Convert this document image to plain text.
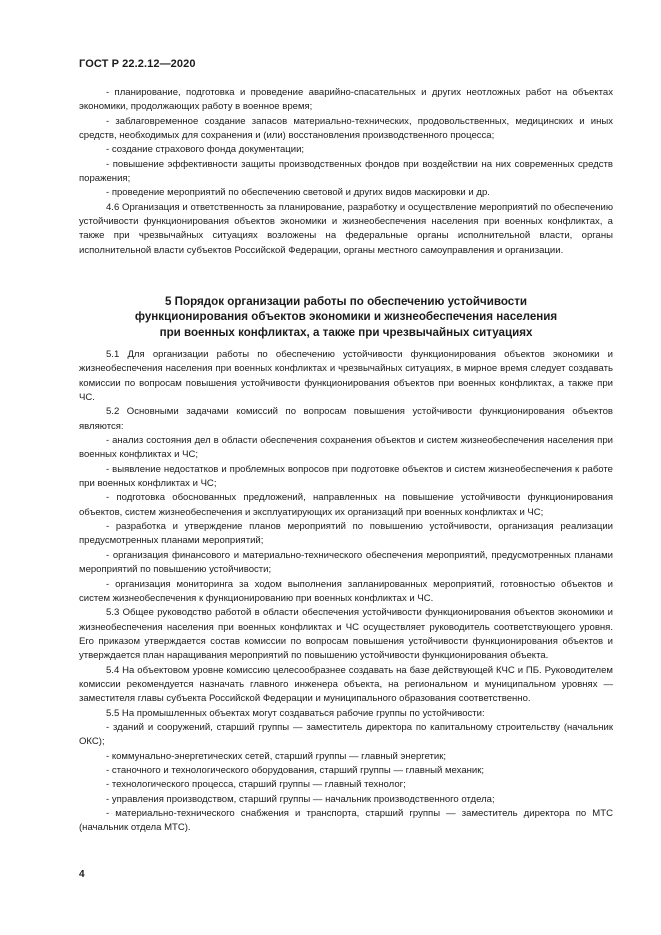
ГОСТ Р 22.2.12—2020

- планирование, подготовка и проведение аварийно-спасательных и других неотложных работ на объектах экономики, продолжающих работу в военное время;

- заблаговременное создание запасов материально-технических, продовольственных, медицинских и иных средств, необходимых для сохранения и (или) восстановления производственного процесса;

- создание страхового фонда документации;

- повышение эффективности защиты производственных фондов при воздействии на них современных средств поражения;

- проведение мероприятий по обеспечению световой и других видов маскировки и др.

4.6 Организация и ответственность за планирование, разработку и осуществление мероприятий по обеспечению устойчивости функционирования объектов экономики и жизнеобеспечения населения при военных конфликтах, а также при чрезвычайных ситуациях возложены на федеральные органы исполнительной власти, органы исполнительной власти субъектов Российской Федерации, органы местного самоуправления и организации.

5 Порядок организации работы по обеспечению устойчивости
функционирования объектов экономики и жизнеобеспечения населения
при военных конфликтах, а также при чрезвычайных ситуациях

5.1 Для организации работы по обеспечению устойчивости функционирования объектов экономики и жизнеобеспечения населения при военных конфликтах и чрезвычайных ситуациях, в мирное время следует создавать комиссии по вопросам повышения устойчивости функционирования объектов при военных конфликтах, а также при ЧС.

5.2 Основными задачами комиссий по вопросам повышения устойчивости функционирования объектов являются:

- анализ состояния дел в области обеспечения сохранения объектов и систем жизнеобеспечения населения при военных конфликтах и ЧС;

- выявление недостатков и проблемных вопросов при подготовке объектов и систем жизнеобеспечения к работе при военных конфликтах и ЧС;

- подготовка обоснованных предложений, направленных на повышение устойчивости функционирования объектов, систем жизнеобеспечения и эксплуатирующих их организаций при военных конфликтах и ЧС;

- разработка и утверждение планов мероприятий по повышению устойчивости, организация реализации предусмотренных планами мероприятий;

- организация финансового и материально-технического обеспечения мероприятий, предусмотренных планами мероприятий по повышению устойчивости;

- организация мониторинга за ходом выполнения запланированных мероприятий, готовностью объектов и систем жизнеобеспечения к функционированию при военных конфликтах и ЧС.

5.3 Общее руководство работой в области обеспечения устойчивости функционирования объектов экономики и жизнеобеспечения населения при военных конфликтах и ЧС осуществляет руководитель соответствующего уровня. Его приказом утверждается состав комиссии по вопросам повышения устойчивости функционирования объектов и утверждается план наращивания мероприятий по повышению устойчивости функционирования объекта.

5.4 На объектовом уровне комиссию целесообразнее создавать на базе действующей КЧС и ПБ. Руководителем комиссии рекомендуется назначать главного инженера объекта, на региональном и муниципальном уровнях — заместителя главы субъекта Российской Федерации и муниципального образования соответственно.

5.5 На промышленных объектах могут создаваться рабочие группы по устойчивости:

- зданий и сооружений, старший группы — заместитель директора по капитальному строительству (начальник ОКС);

- коммунально-энергетических сетей, старший группы — главный энергетик;

- станочного и технологического оборудования, старший группы — главный механик;

- технологического процесса, старший группы — главный технолог;

- управления производством, старший группы — начальник производственного отдела;

- материально-технического снабжения и транспорта, старший группы — заместитель директора по МТС (начальник отдела МТС).

4
